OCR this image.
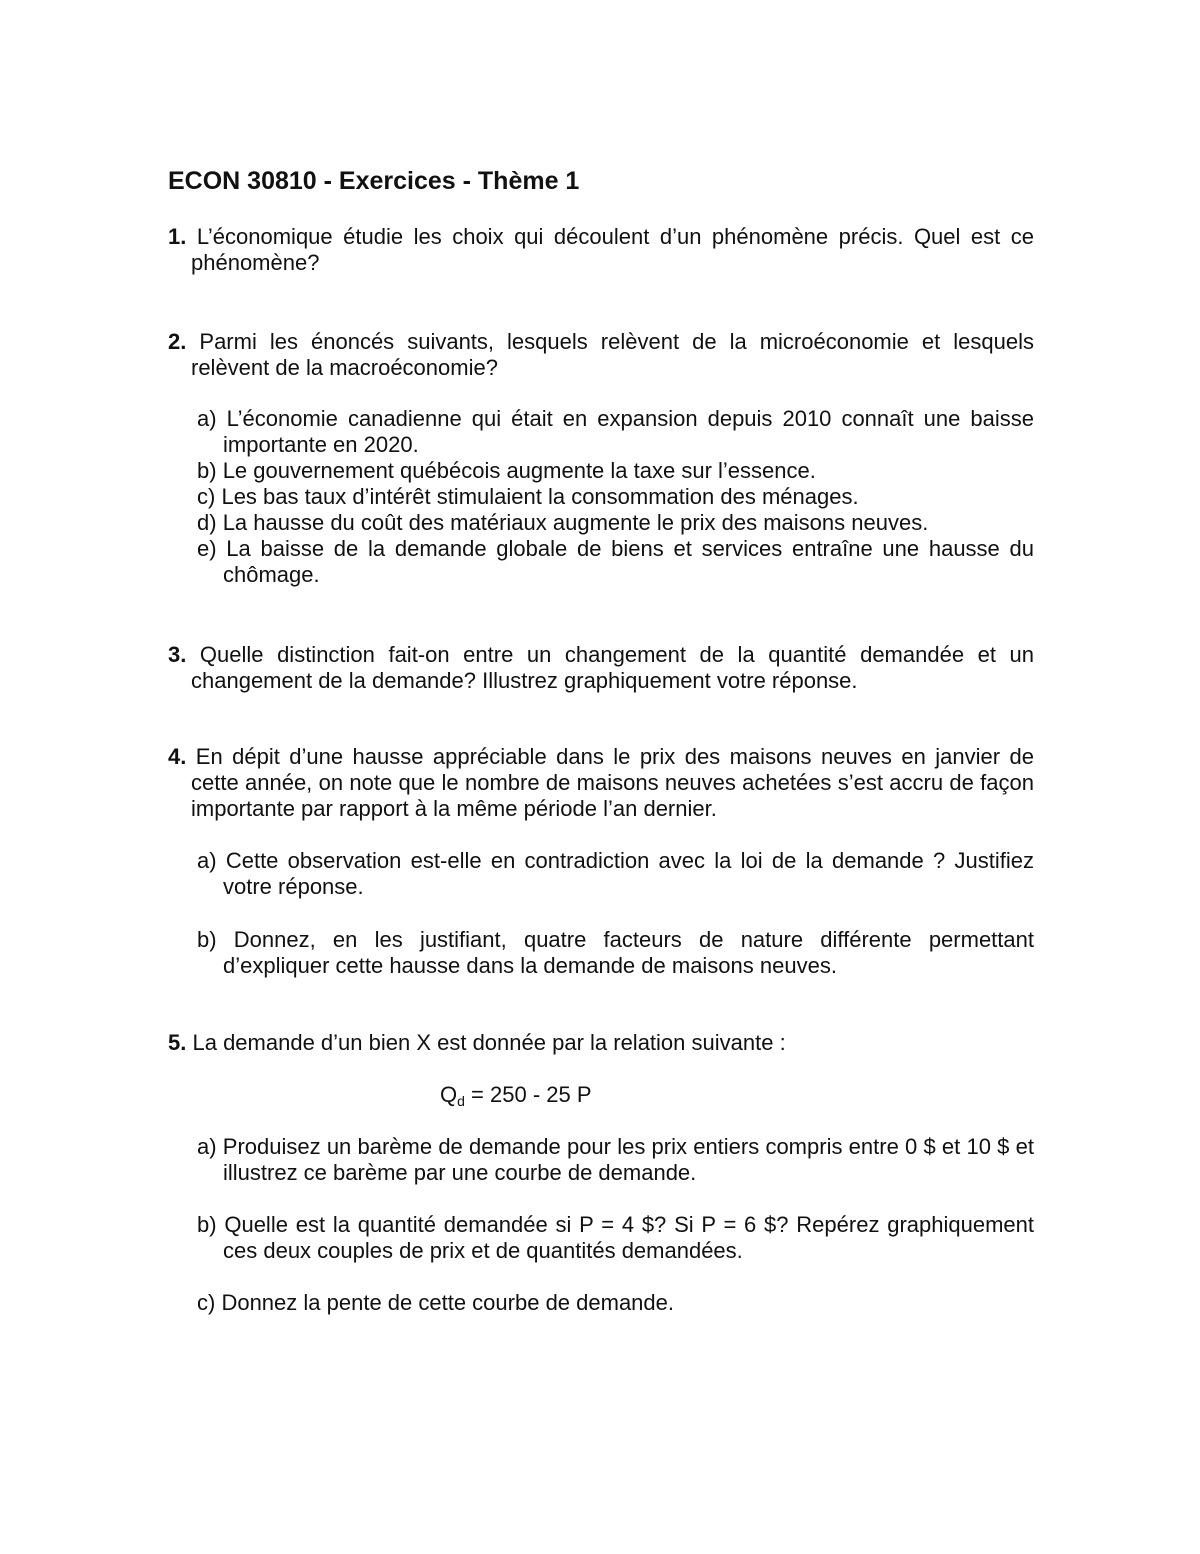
ECON 30810 - Exercices - Thème 1
1. L’économique étudie les choix qui découlent d’un phénomène précis. Quel est ce phénomène?
2. Parmi les énoncés suivants, lesquels relèvent de la microéconomie et lesquels relèvent de la macroéconomie?
a) L’économie canadienne qui était en expansion depuis 2010 connaît une baisse importante en 2020.
b) Le gouvernement québécois augmente la taxe sur l’essence.
c) Les bas taux d’intérêt stimulaient la consommation des ménages.
d) La hausse du coût des matériaux augmente le prix des maisons neuves.
e) La baisse de la demande globale de biens et services entraîne une hausse du chômage.
3. Quelle distinction fait-on entre un changement de la quantité demandée et un changement de la demande? Illustrez graphiquement votre réponse.
4. En dépit d’une hausse appréciable dans le prix des maisons neuves en janvier de cette année, on note que le nombre de maisons neuves achetées s’est accru de façon importante par rapport à la même période l’an dernier.
a) Cette observation est-elle en contradiction avec la loi de la demande ? Justifiez votre réponse.
b) Donnez, en les justifiant, quatre facteurs de nature différente permettant d’expliquer cette hausse dans la demande de maisons neuves.
5. La demande d’un bien X est donnée par la relation suivante :
$Q_d = 250 - 25$ P
a) Produisez un barème de demande pour les prix entiers compris entre 0 $ et 10 $ et illustrez ce barème par une courbe de demande.
b) Quelle est la quantité demandée si P = 4 $? Si P = 6 $? Repérez graphiquement ces deux couples de prix et de quantités demandées.
c) Donnez la pente de cette courbe de demande.
